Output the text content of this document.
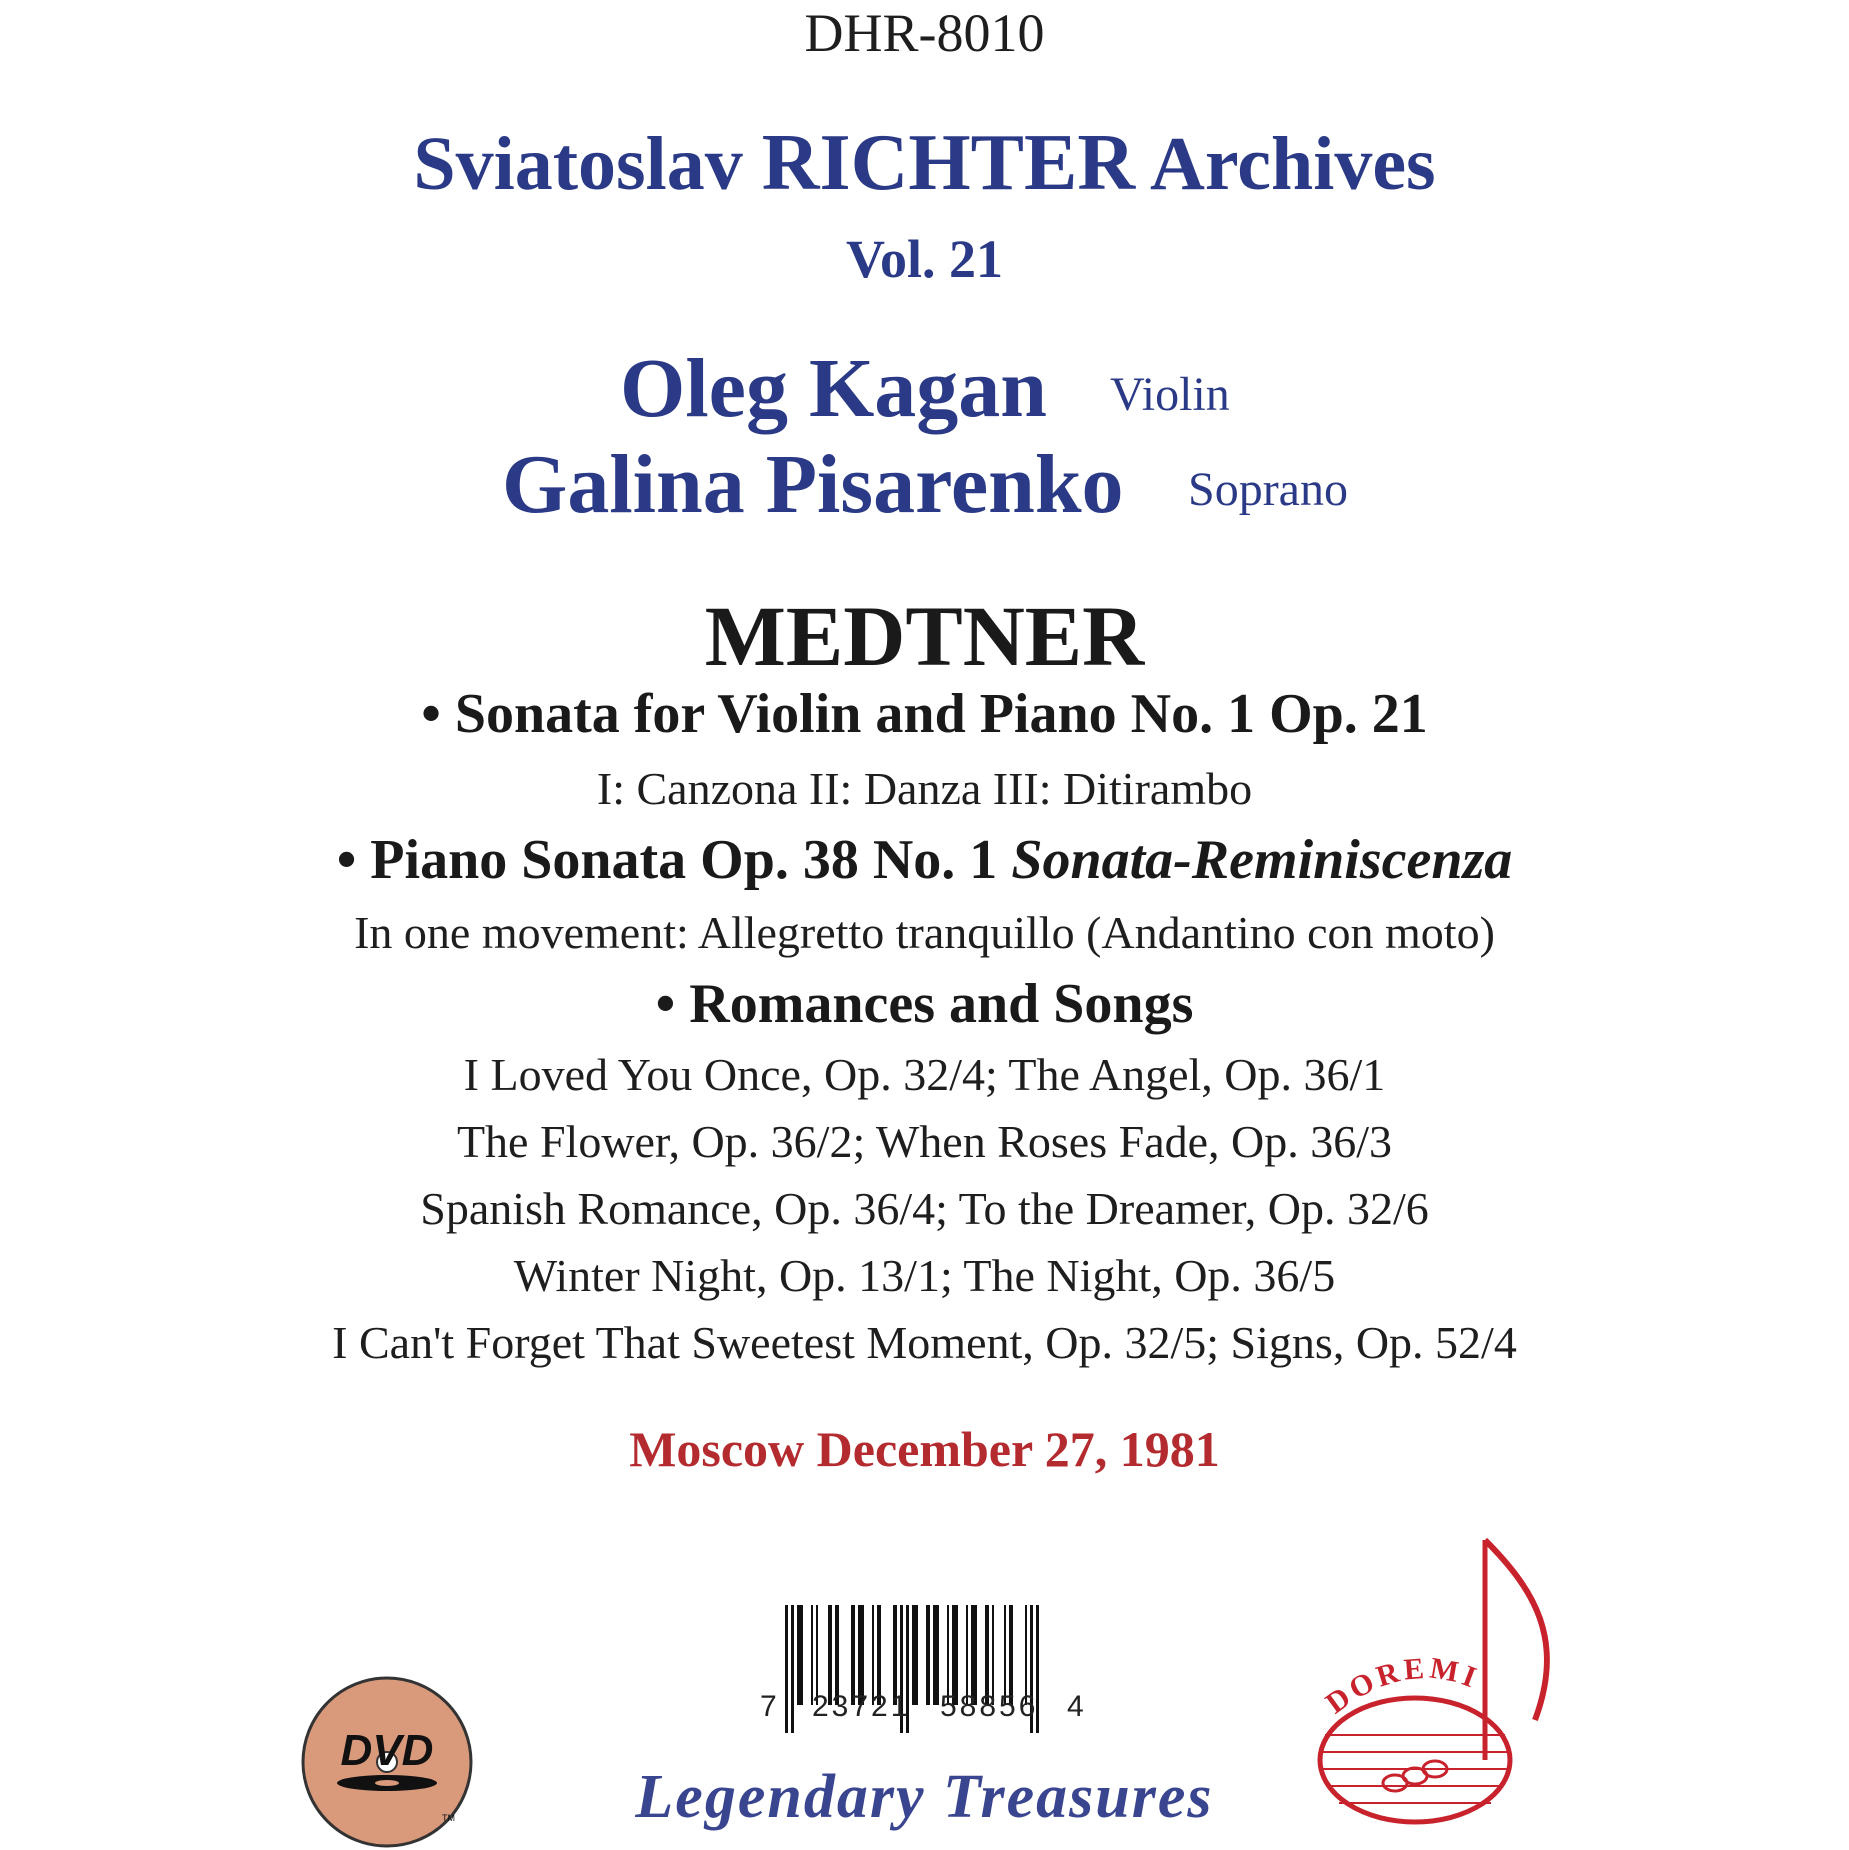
DHR-8010
Sviatoslav RICHTER Archives
Vol. 21
Oleg Kagan Violin
Galina Pisarenko Soprano
MEDTNER
• Sonata for Violin and Piano No. 1 Op. 21
I: Canzona II: Danza III: Ditirambo
• Piano Sonata Op. 38 No. 1 Sonata-Reminiscenza
In one movement: Allegretto tranquillo (Andantino con moto)
• Romances and Songs
I Loved You Once, Op. 32/4; The Angel, Op. 36/1
The Flower, Op. 36/2; When Roses Fade, Op. 36/3
Spanish Romance, Op. 36/4; To the Dreamer, Op. 32/6
Winter Night, Op. 13/1; The Night, Op. 36/5
I Can't Forget That Sweetest Moment, Op. 32/5; Signs, Op. 52/4
Moscow December 27, 1981
7 23721 58856 4
Legendary Treasures
DVD
TM
DOREMI
